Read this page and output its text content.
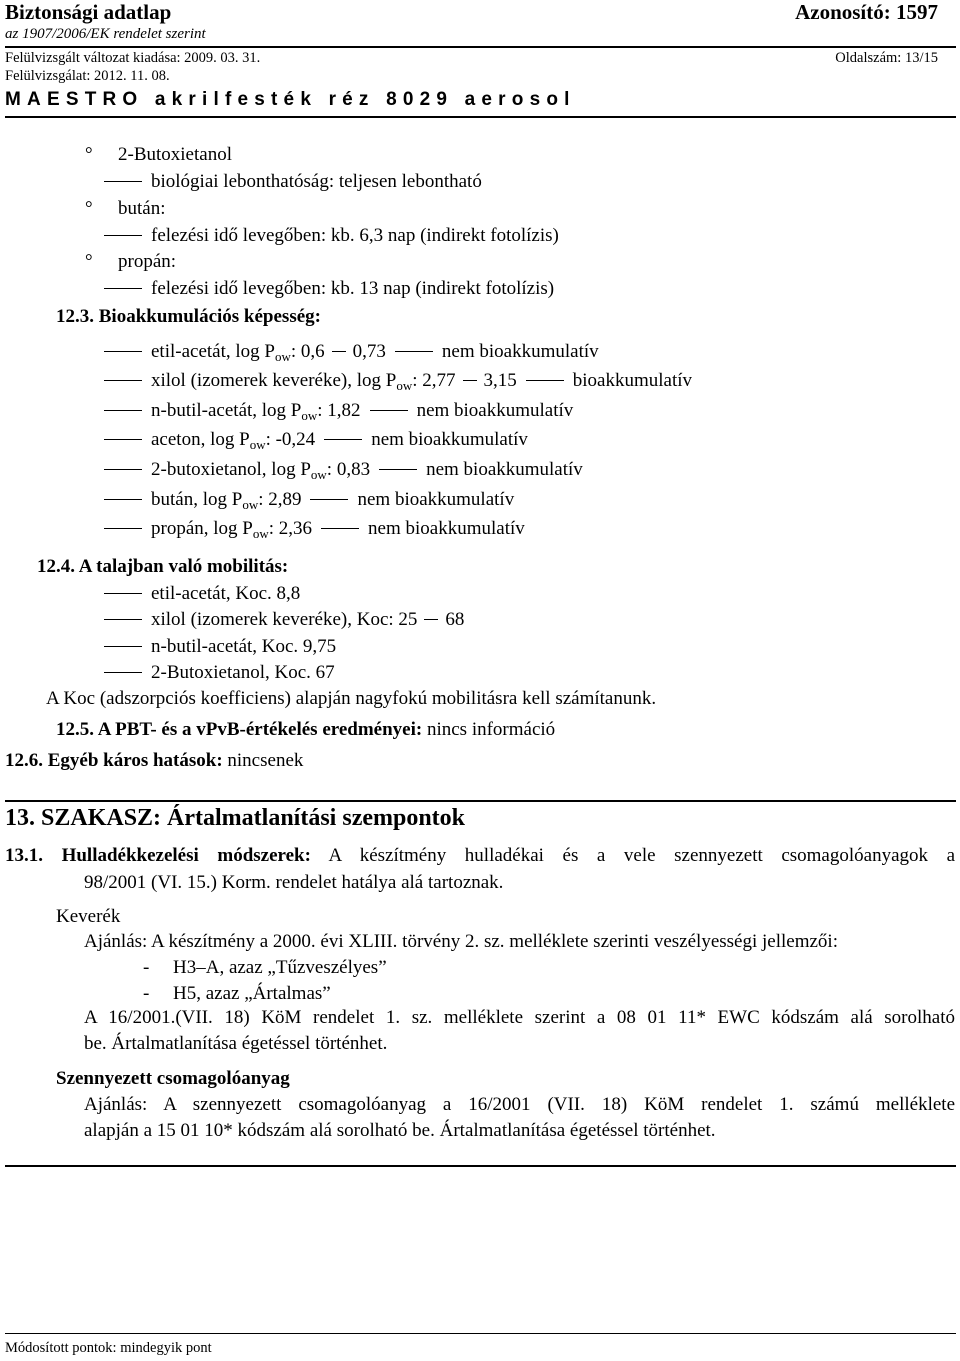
Biztonsági adatlap	Azonosító: 1597
az 1907/2006/EK rendelet szerint
Felülvizsgált változat kiadása: 2009. 03. 31.	Oldalszám: 13/15
Felülvizsgálat: 2012. 11. 08.
MAESTRO akrilfesték réz 8029 aerosol
° 2-Butoxietanol
biológiai lebonthatóság: teljesen lebontható
° bután:
felezési idő levegőben: kb. 6,3 nap (indirekt fotolízis)
° propán:
felezési idő levegőben: kb. 13 nap (indirekt fotolízis)
12.3. Bioakkumulációs képesség:
etil-acetát, $\log P_{ow}$: 0,6 0,73	nem bioakkumulatív
xilol (izomerek keveréke), $\log P_{ow}$: 2,77 3,15	bioakkumulatív
n-butil-acetát, $\log P_{ow}$: 1,82	nem bioakkumulatív
aceton, $\log P_{ow}$: -0,24	nem bioakkumulatív
2-butoxietanol, $\log P_{ow}$: 0,83	nem bioakkumulatív
bután, $\log P_{ow}$: 2,89	nem bioakkumulatív
propán, $\log P_{ow}$: 2,36	nem bioakkumulatív
12.4. A talajban való mobilitás:
etil-acetát, Koc. 8,8
xilol (izomerek keveréke), Koc: 25 68
n-butil-acetát, Koc. 9,75
2-Butoxietanol, Koc. 67
A Koc (adszorpciós koefficiens) alapján nagyfokú mobilitásra kell számítanunk.
12.5. A PBT- és a vPvB-értékelés eredményei: nincs információ
12.6. Egyéb káros hatások: nincsenek
13. SZAKASZ: Ártalmatlanítási szempontok
13.1. Hulladékkezelési módszerek: A készítmény hulladékai és a vele szennyezett csomagolóanyagok a
98/2001 (VI. 15.) Korm. rendelet hatálya alá tartoznak.
Keverék
Ajánlás: A készítmény a 2000. évi XLIII. törvény 2. sz. melléklete szerinti veszélyességi jellemzői:
- H3–A, azaz „Tűzveszélyes”
- H5, azaz „Ártalmas”
A 16/2001.(VII. 18) KöM rendelet 1. sz. melléklete szerint a 08 01 11* EWC kódszám alá sorolható
be. Ártalmatlanítása égetéssel történhet.
Szennyezett csomagolóanyag
Ajánlás: A szennyezett csomagolóanyag a 16/2001 (VII. 18) KöM rendelet 1. számú melléklete
alapján a 15 01 10* kódszám alá sorolható be. Ártalmatlanítása égetéssel történhet.
Módosított pontok: mindegyik pont
